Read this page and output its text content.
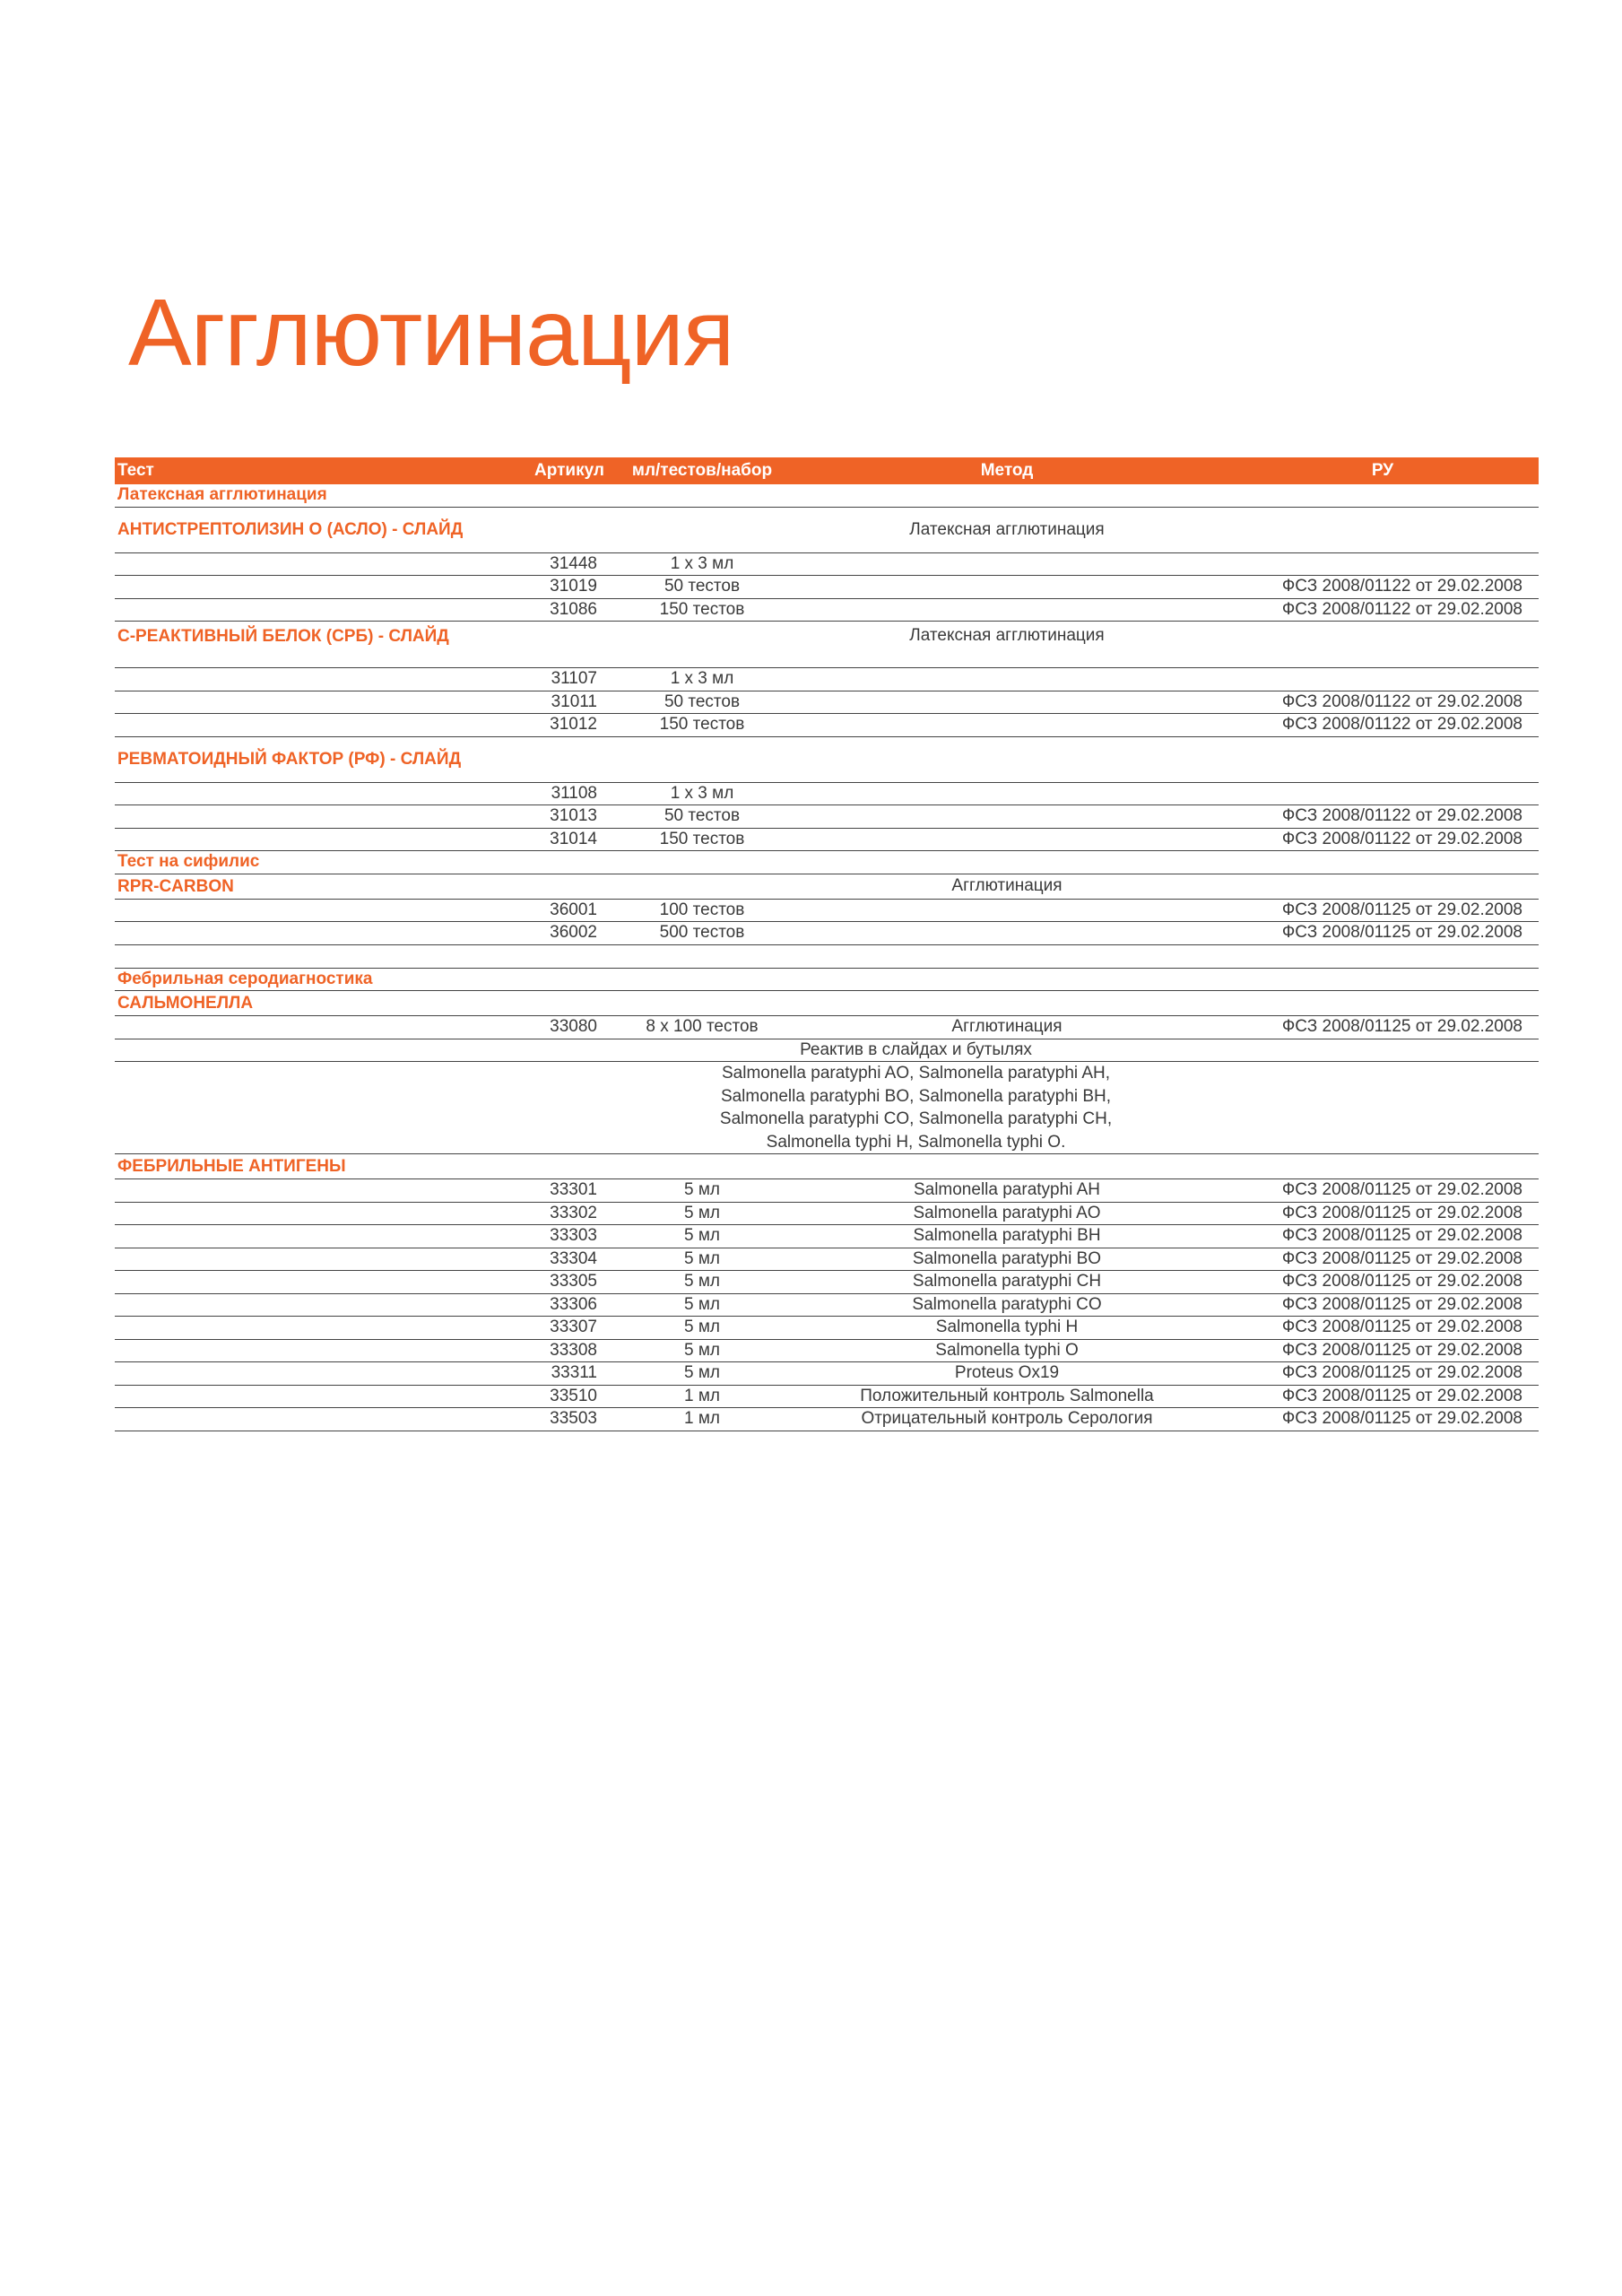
Агглютинация
Тест	Артикул	мл/тестов/набор	Метод	РУ
Латексная агглютинация				
АНТИСТРЕПТОЛИЗИН О (АСЛО) - СЛАЙД			Латексная агглютинация	
	31448	1 x 3 мл		
	31019	50 тестов		ФСЗ 2008/01122 от 29.02.2008
	31086	150 тестов		ФСЗ 2008/01122 от 29.02.2008
C-РЕАКТИВНЫЙ БЕЛОК (СРБ) - СЛАЙД			Латексная агглютинация	
	31107	1 x 3 мл		
	31011	50 тестов		ФСЗ 2008/01122 от 29.02.2008
	31012	150 тестов		ФСЗ 2008/01122 от 29.02.2008
РЕВМАТОИДНЫЙ ФАКТОР (РФ) - СЛАЙД				
	31108	1 x 3 мл		
	31013	50 тестов		ФСЗ 2008/01122 от 29.02.2008
	31014	150 тестов		ФСЗ 2008/01122 от 29.02.2008
Тест на сифилис				
RPR-CARBON			Агглютинация	
	36001	100 тестов		ФСЗ 2008/01125 от 29.02.2008
	36002	500 тестов		ФСЗ 2008/01125 от 29.02.2008

Фебрильная серодиагностика				
САЛЬМОНЕЛЛА				
	33080	8 x 100 тестов	Агглютинация	ФСЗ 2008/01125 от 29.02.2008
	Реактив в слайдах и бутылях			

	Salmonella paratyphi AO, Salmonella paratyphi AH,
Salmonella paratyphi BO, Salmonella paratyphi BH,
Salmonella paratyphi CO, Salmonella paratyphi CH,
Salmonella typhi H, Salmonella typhi O.			

ФЕБРИЛЬНЫЕ АНТИГЕНЫ				
	33301	5 мл	Salmonella paratyphi AH	ФСЗ 2008/01125 от 29.02.2008
	33302	5 мл	Salmonella paratyphi AO	ФСЗ 2008/01125 от 29.02.2008
	33303	5 мл	Salmonella paratyphi BH	ФСЗ 2008/01125 от 29.02.2008
	33304	5 мл	Salmonella paratyphi BO	ФСЗ 2008/01125 от 29.02.2008
	33305	5 мл	Salmonella paratyphi CH	ФСЗ 2008/01125 от 29.02.2008
	33306	5 мл	Salmonella paratyphi CO	ФСЗ 2008/01125 от 29.02.2008
	33307	5 мл	Salmonella typhi H	ФСЗ 2008/01125 от 29.02.2008
	33308	5 мл	Salmonella typhi O	ФСЗ 2008/01125 от 29.02.2008
	33311	5 мл	Proteus Ox19	ФСЗ 2008/01125 от 29.02.2008
	33510	1 мл	Положительный контроль Salmonella	ФСЗ 2008/01125 от 29.02.2008
	33503	1 мл	Отрицательный контроль Серология	ФСЗ 2008/01125 от 29.02.2008
